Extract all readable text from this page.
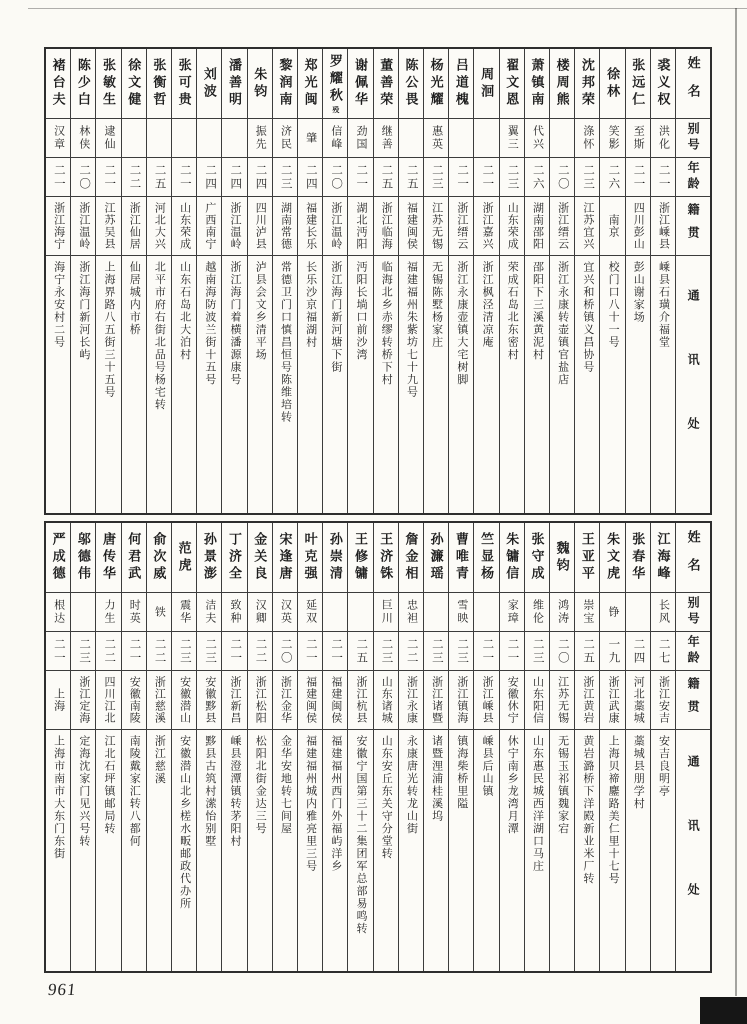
褚台夫
汉章
二一
浙江海宁
海宁永安村二号
陈少白
林侠
二〇
浙江温岭
浙江海门新河长屿
张敏生
逮仙
二一
江苏吴县
上海界路八五街三十五号
徐文健
二二
浙江仙居
仙居城内市桥
张衡哲
二五
河北大兴
北平市府右街北品号杨宅转
张可贵
二一
山东荣成
山东石岛北大泊村
刘波
二四
广西南宁
越南海防波兰街十五号
潘善明
二四
浙江温岭
浙江海门着横潘源康号
朱钧
振先
二四
四川泸县
泸县会文乡清平场
黎润南
济民
二三
湖南常德
常德卫门口慎昌恒号陈维培转
郑光闽
肇
二四
福建长乐
长乐沙京福湖村
罗耀秋
殁
信峰
二〇
浙江温岭
浙江海门新河塘下街
谢佩华
劲国
二一
湖北沔阳
沔阳长埫口前沙湾
董善荣
继善
二五
浙江临海
临海北乡赤缪转桥下村
陈公畏
二五
福建闽侯
福建福州朱紫坊七十九号
杨光耀
惠英
二三
江苏无锡
无锡陈墅杨家庄
吕道槐
二一
浙江缙云
浙江永康壶镇大宅树脚
周洄
二一
浙江嘉兴
浙江枫泾清凉庵
翟文恩
翼三
二三
山东荣成
荣成石岛北东密村
萧镇南
代兴
二六
湖南邵阳
邵阳下三溪黄泥村
楼周熊
二〇
浙江缙云
浙江永康转壶镇官盐店
沈邦荣
涤怀
二三
江苏宜兴
宜兴和桥镇义昌协号
徐林
笑影
二六
南京
校门口八十一号
张远仁
至斯
二一
四川彭山
彭山谢家场
裘义权
洪化
二一
浙江嵊县
嵊县石璜介福堂
姓名
别号
年龄
籍贯
通讯处
严成德
根达
二一
上海
上海市南市大东门东街
邬德伟
二三
浙江定海
定海沈家门见兴号转
唐传华
力生
二二
四川江北
江北石坪镇邮局转
何君武
时英
二一
安徽南陵
南陵戴家汇转八都何
俞次威
铁
二二
浙江慈溪
浙江慈溪
范虎
震华
二三
安徽潜山
安徽潜山北乡槎水畈邮政代办所
孙景澎
洁夫
二三
安徽黟县
黟县古筑村潆怡别墅
丁济全
致种
二一
浙江新昌
嵊县澄潭镇转茅阳村
金关良
汉卿
二二
浙江松阳
松阳北街金达三号
宋逢唐
汉英
二〇
浙江金华
金华安地转七间屋
叶克强
延双
二一
福建闽侯
福建福州城内雅亮里三号
孙崇清
二一
福建闽侯
福建福州西门外福屿洋乡
王修镛
二五
浙江杭县
安徽宁国第三十二集团军总部易鸣转
王济铢
巨川
二三
山东诸城
山东安丘东关守分堂转
詹金相
忠袒
二二
浙江永康
永康唐光转龙山街
孙濂瑶
二三
浙江诸暨
诸暨浬浦桂溪坞
曹唯青
雪映
二三
浙江镇海
镇海柴桥里隘
竺显杨
二一
浙江嵊县
嵊县后山镇
朱镛信
家璋
二一
安徽休宁
休宁南乡龙湾月潭
张守成
维伦
二三
山东阳信
山东惠民城西洋湖口马庄
魏钧
鸿涛
二〇
江苏无锡
无锡玉祁镇魏家宕
王亚平
崇宝
二五
浙江黄岩
黄岩潞桥下洋殿新业米厂转
朱文虎
铮
一九
浙江武康
上海贝禘鏖路美仁里十七号
张春华
二四
河北藁城
藁城县朋学村
江海峰
长风
二七
浙江安吉
安吉良明亭
姓名
别号
年龄
籍贯
通讯处
961
